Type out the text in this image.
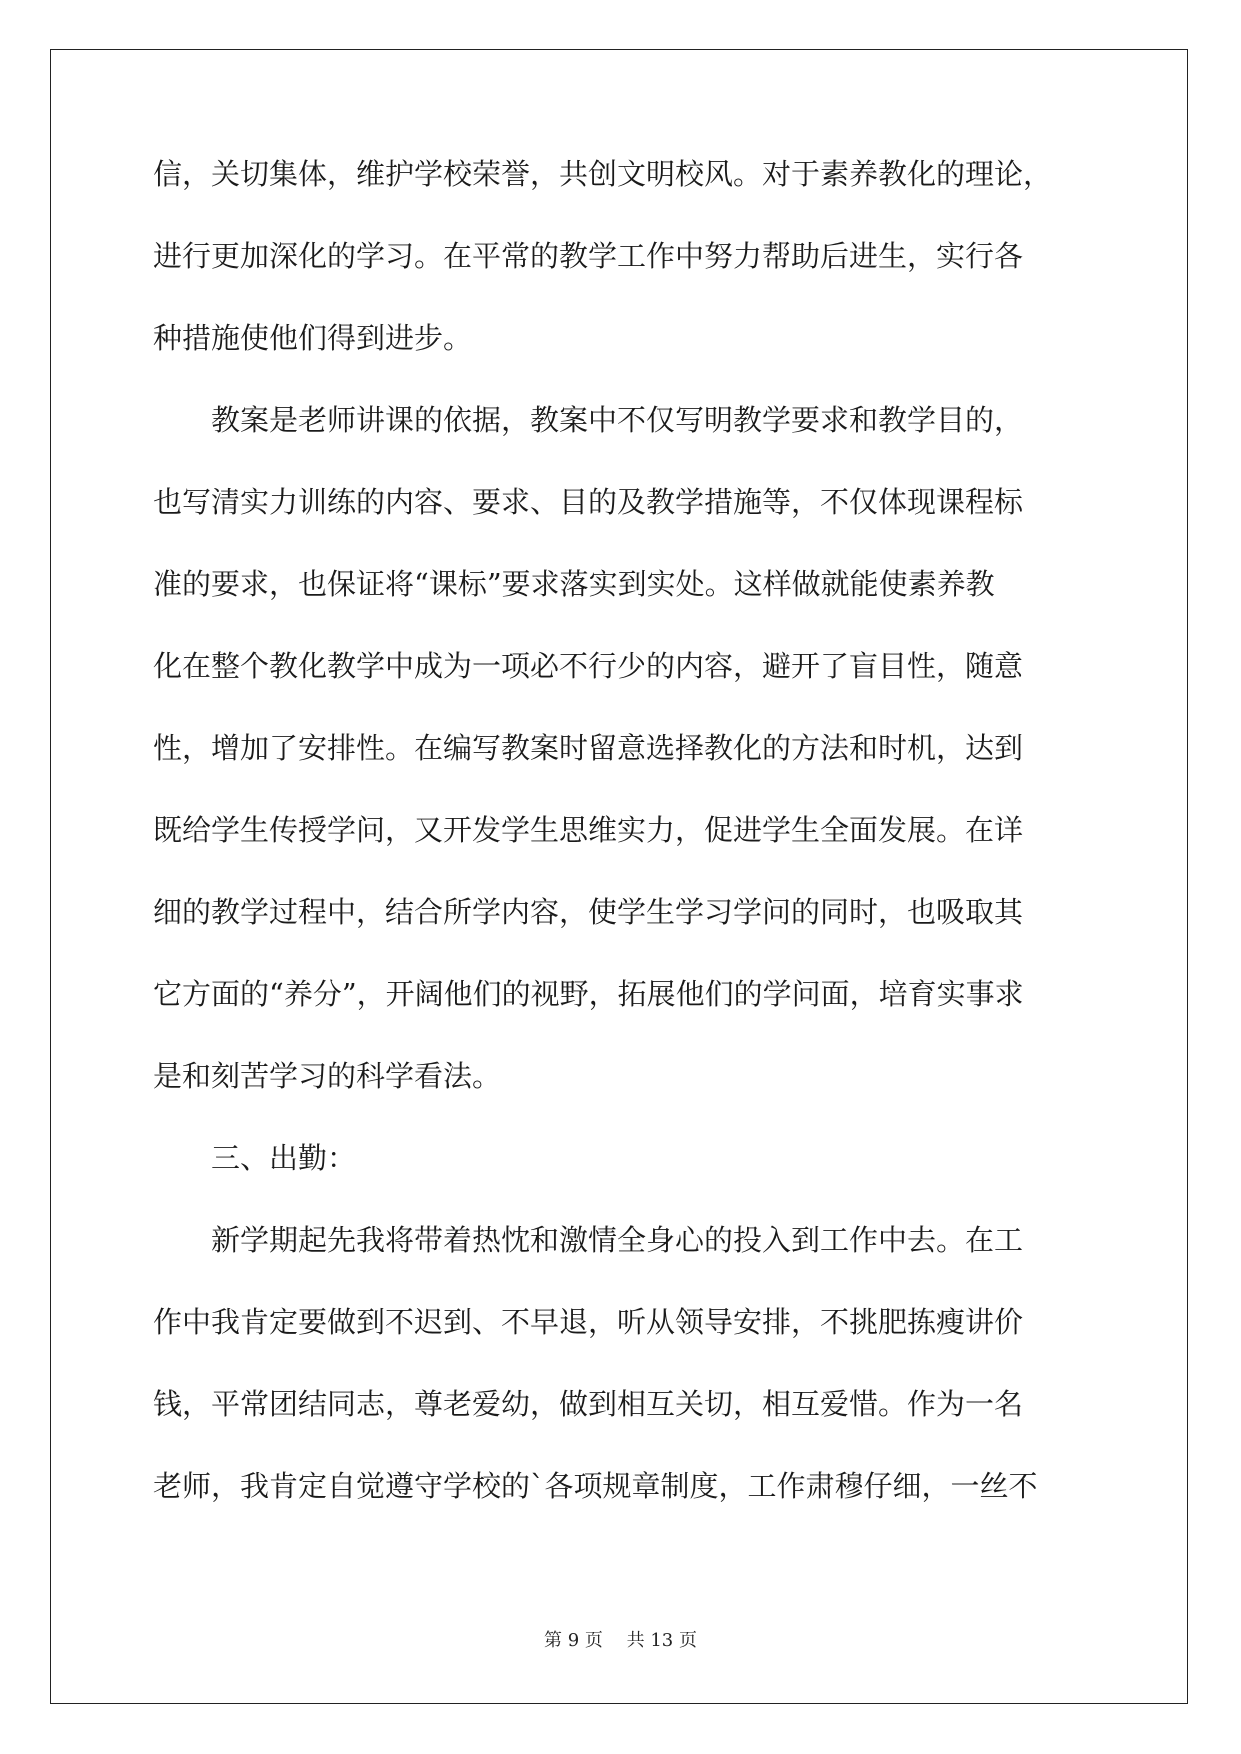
信，关切集体，维护学校荣誉，共创文明校风。对于素养教化的理论，
进行更加深化的学习。在平常的教学工作中努力帮助后进生，实行各
种措施使他们得到进步。
　　教案是老师讲课的依据，教案中不仅写明教学要求和教学目的，
也写清实力训练的内容、要求、目的及教学措施等，不仅体现课程标
准的要求，也保证将“课标”要求落实到实处。这样做就能使素养教
化在整个教化教学中成为一项必不行少的内容，避开了盲目性，随意
性，增加了安排性。在编写教案时留意选择教化的方法和时机，达到
既给学生传授学问，又开发学生思维实力，促进学生全面发展。在详
细的教学过程中，结合所学内容，使学生学习学问的同时，也吸取其
它方面的“养分”，开阔他们的视野，拓展他们的学问面，培育实事求
是和刻苦学习的科学看法。
　　三、出勤：
　　新学期起先我将带着热忱和激情全身心的投入到工作中去。在工
作中我肯定要做到不迟到、不早退，听从领导安排，不挑肥拣瘦讲价
钱，平常团结同志，尊老爱幼，做到相互关切，相互爱惜。作为一名
老师，我肯定自觉遵守学校的`各项规章制度，工作肃穆仔细，一丝不
第 9 页　 共 13 页
